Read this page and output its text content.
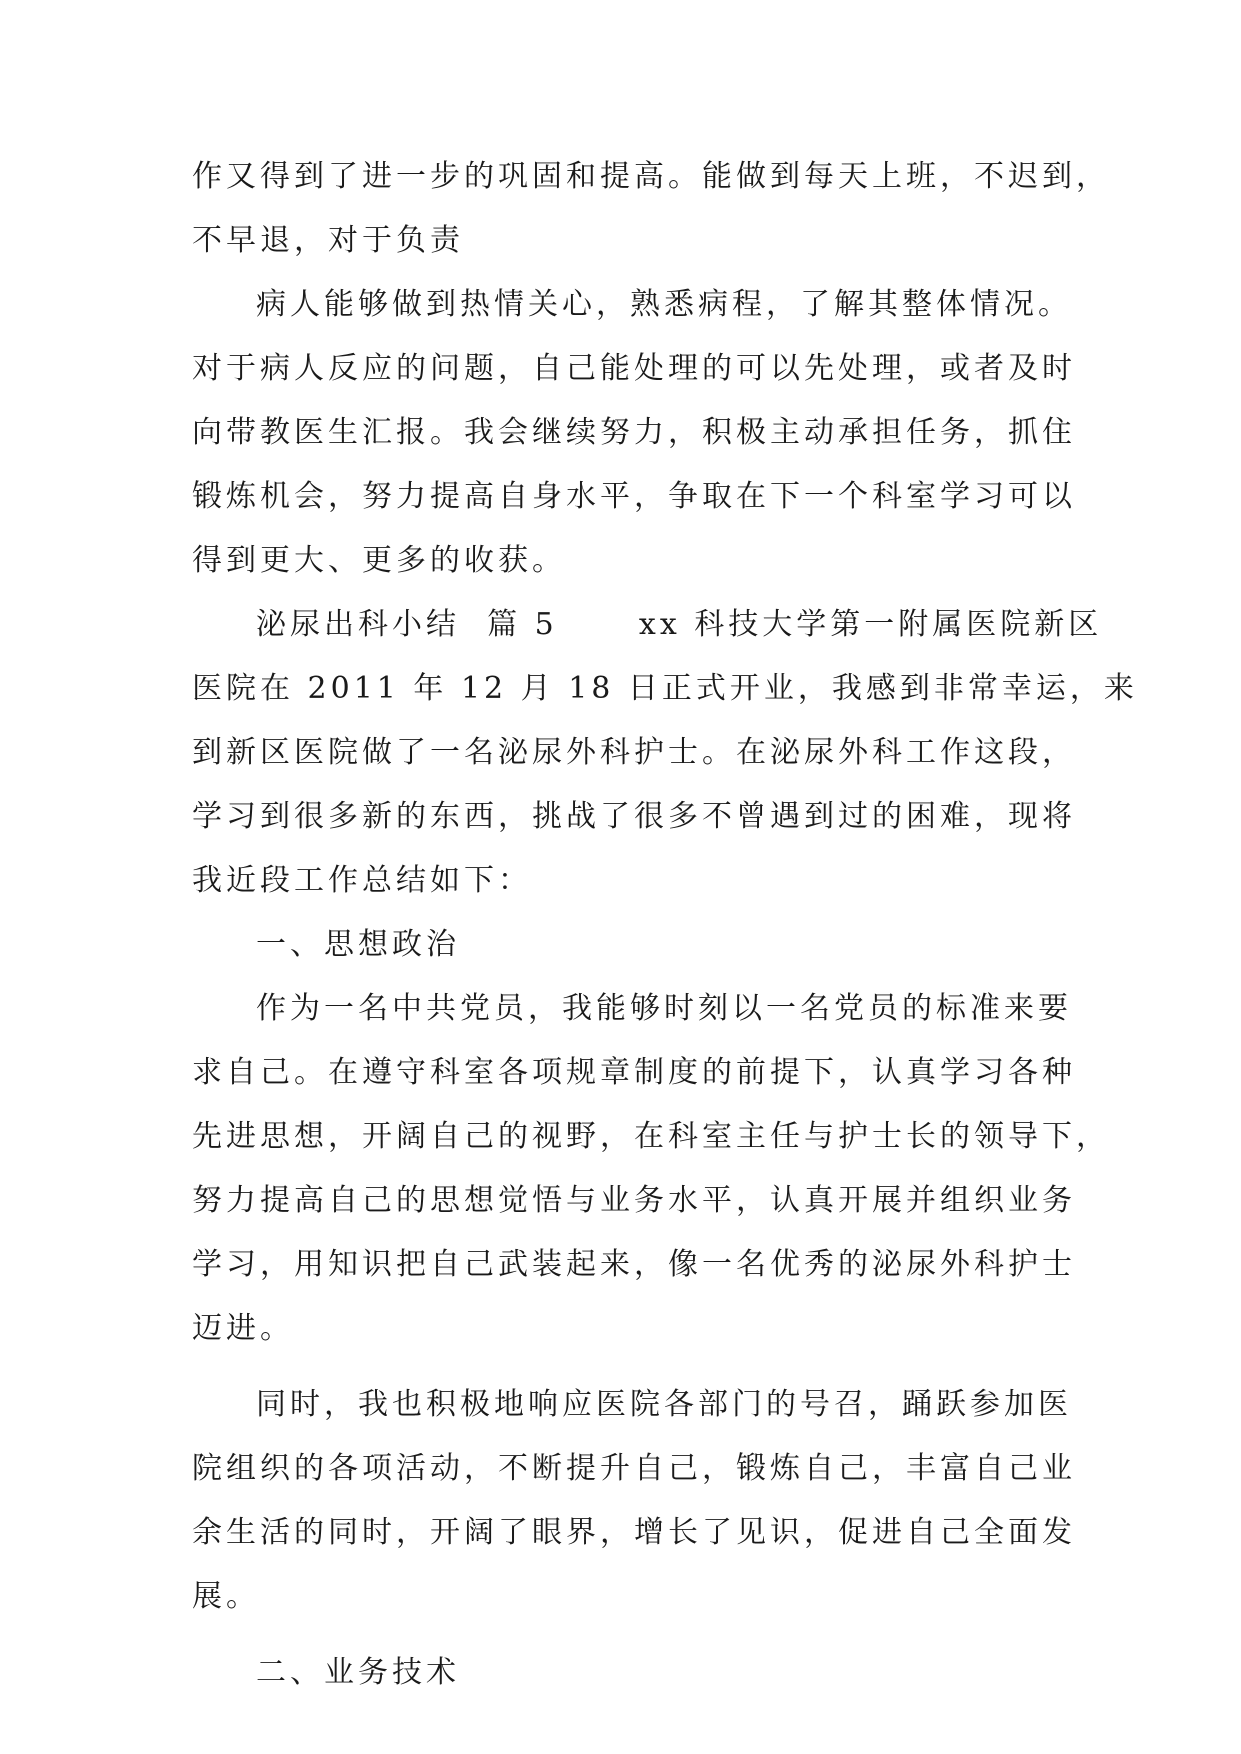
作又得到了进一步的巩固和提高。能做到每天上班，不迟到，
不早退，对于负责
病人能够做到热情关心，熟悉病程，了解其整体情况。
对于病人反应的问题，自己能处理的可以先处理，或者及时
向带教医生汇报。我会继续努力，积极主动承担任务，抓住
锻炼机会，努力提高自身水平，争取在下一个科室学习可以
得到更大、更多的收获。
泌尿出科小结  篇 5      xx 科技大学第一附属医院新区
医院在 2011 年 12 月 18 日正式开业，我感到非常幸运，来
到新区医院做了一名泌尿外科护士。在泌尿外科工作这段，
学习到很多新的东西，挑战了很多不曾遇到过的困难，现将
我近段工作总结如下：
一、思想政治
作为一名中共党员，我能够时刻以一名党员的标准来要
求自己。在遵守科室各项规章制度的前提下，认真学习各种
先进思想，开阔自己的视野，在科室主任与护士长的领导下，
努力提高自己的思想觉悟与业务水平，认真开展并组织业务
学习，用知识把自己武装起来，像一名优秀的泌尿外科护士
迈进。
同时，我也积极地响应医院各部门的号召，踊跃参加医
院组织的各项活动，不断提升自己，锻炼自己，丰富自己业
余生活的同时，开阔了眼界，增长了见识，促进自己全面发
展。
二、业务技术
